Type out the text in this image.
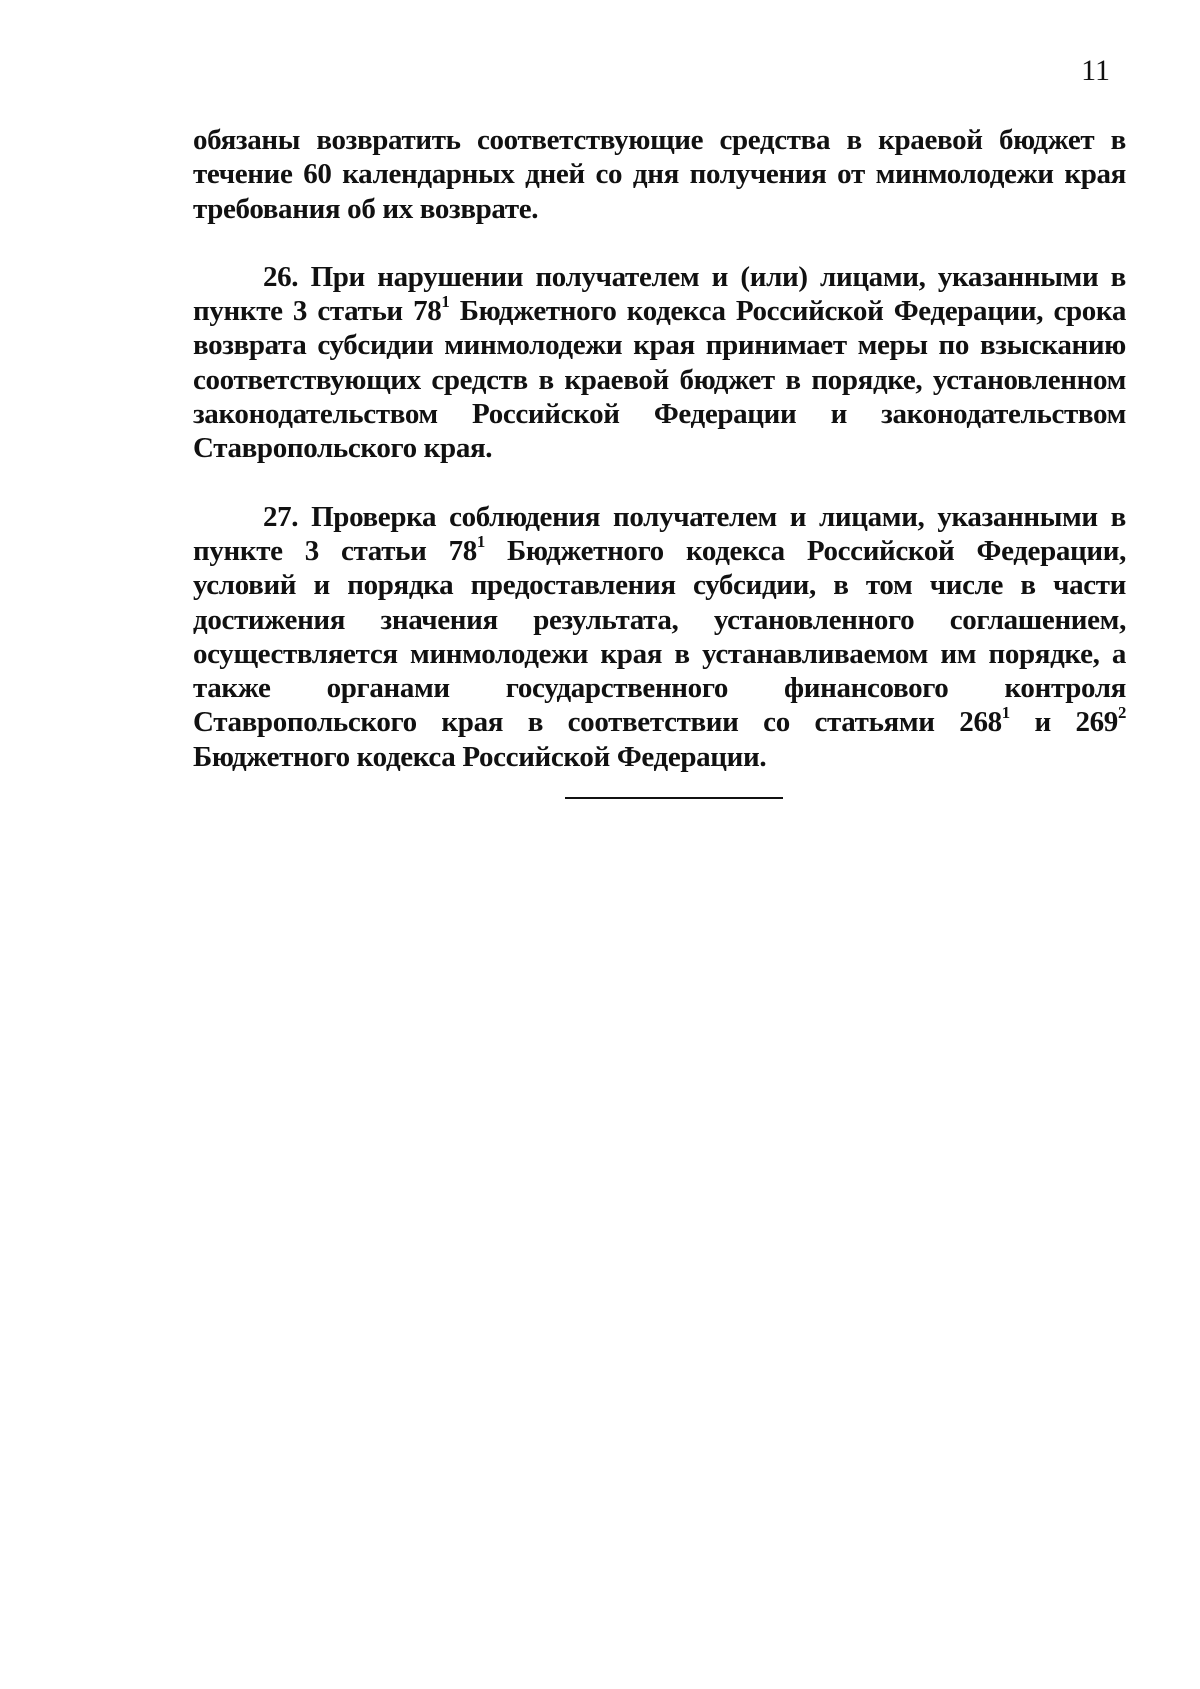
11

обязаны возвратить соответствующие средства в краевой бюджет в течение 60 календарных дней со дня получения от минмолодежи края требования об их возврате.

26. При нарушении получателем и (или) лицами, указанными в пункте 3 статьи $78^1$ Бюджетного кодекса Российской Федерации, срока возврата субсидии минмолодежи края принимает меры по взысканию соответствующих средств в краевой бюджет в порядке, установленном законодательством Российской Федерации и законодательством Ставропольского края.

27. Проверка соблюдения получателем и лицами, указанными в пункте 3 статьи $78^1$ Бюджетного кодекса Российской Федерации, условий и порядка предоставления субсидии, в том числе в части достижения значения результата, установленного соглашением, осуществляется минмолодежи края в устанавливаемом им порядке, а также органами государственного финансового контроля Ставропольского края в соответствии со статьями $268^1$ и $269^2$ Бюджетного кодекса Российской Федерации.
